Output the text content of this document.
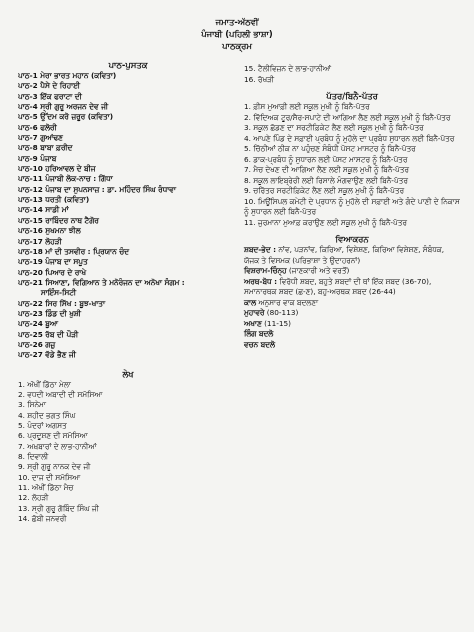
ਜਮਾਤ-ਅੱਠਵੀਂ
ਪੰਜਾਬੀ (ਪਹਿਲੀ ਭਾਸ਼ਾ)
ਪਾਠਕ੍ਰਮ
ਪਾਠ-ਪੁਸਤਕ
ਪਾਠ-1 ਮੇਰਾ ਭਾਰਤ ਮਹਾਨ (ਕਵਿਤਾ)
ਪਾਠ-2 ਪੈਸੇ ਦੇ ਰਿਹਾਈ
ਪਾਠ-3 ਇੱਕ ਫਰਾਟਾ ਦੀ
ਪਾਠ-4 ਸ੍ਰੀ ਗੁਰੂ ਅਰਜਨ ਦੇਵ ਜੀ
ਪਾਠ-5 ਉੱਦਮ ਕਰੋ ਜ਼ਰੂਰ (ਕਵਿਤਾ)
ਪਾਠ-6 ਫਲੋਰੀ
ਪਾਠ-7 ਗੁਆਂਢਣ
ਪਾਠ-8 ਬਾਬਾ ਫ਼ਰੀਦ
ਪਾਠ-9 ਪੰਜਾਬ
ਪਾਠ-10 ਹਰਿਆਵਲ ਦੇ ਬੀਜ
ਪਾਠ-11 ਪੰਜਾਬੀ ਲੋਕ-ਨਾਚ : ਗਿੱਧਾ
ਪਾਠ-12 ਪੰਜਾਬ ਦਾ ਸੁਪਨਸਾਜ਼ : ਡਾ. ਮਹਿੰਦਰ ਸਿੰਘ ਰੰਧਾਵਾ
ਪਾਠ-13 ਧਰਤੀ (ਕਵਿਤਾ)
ਪਾਠ-14 ਸਾਡੀ ਮਾਂ
ਪਾਠ-15 ਰਾਬਿੰਦਰ ਨਾਥ ਟੈਗੋਰ
ਪਾਠ-16 ਸੁਖਮਨਾ ਝੀਲ
ਪਾਠ-17 ਲੋਹੜੀ
ਪਾਠ-18 ਮਾਂ ਦੀ ਤਸਵੀਰ : ਪ੍ਰਿਯਾਨ ਚੰਦ
ਪਾਠ-19 ਪੰਜਾਬ ਦਾ ਸਪੂਤ
ਪਾਠ-20 ਪਿਆਰ ਦੇ ਰਾਖੇ
ਪਾਠ-21 ਸਿਆਣਾ, ਵਿਗਿਆਨ ਤੇ ਮਨੋਰੰਜਨ ਦਾ ਅਨੋਖਾ ਸੰਗਮ :
ਸਾਇੰਸ-ਸਿਟੀ
ਪਾਠ-22 ਸਿਰ ਸਿੱਖ : ਬੂਝ-ਖਾਤਾ
ਪਾਠ-23 ਡਿੰਡ ਦੀ ਖੁਸ਼ੀ
ਪਾਠ-24 ਬੂਆ
ਪਾਠ-25 ਰੱਬ ਦੀ ਪੌੜੀ
ਪਾਠ-26 ਗਜ਼ੁ
ਪਾਠ-27 ਵੱਡੇ ਭੈਣ ਜੀ
ਲੇਖ
1. ਅੱਖੀਂ ਡਿੱਠਾ ਮੇਲਾ
2. ਵਧਦੀ ਅਬਾਦੀ ਦੀ ਸਮੱਸਿਆ
3. ਸਿਨੇਮਾ
4. ਸ਼ਹੀਦ ਭਗਤ ਸਿੰਘ
5. ਪੰਦਰਾਂ ਅਗਸਤ
6. ਪ੍ਰਦੂਸ਼ਣ ਦੀ ਸਮੱਸਿਆ
7. ਅਖ਼ਬਾਰਾਂ ਦੇ ਲਾਭ-ਹਾਨੀਆਂ
8. ਦਿਵਾਲੀ
9. ਸ੍ਰੀ ਗੁਰੂ ਨਾਨਕ ਦੇਵ ਜੀ
10. ਦਾਜ ਦੀ ਸਮੱਸਿਆ
11. ਅੱਖੀਂ ਡਿੱਠਾ ਮੈਚ
12. ਲੋਹੜੀ
13. ਸ੍ਰੀ ਗੁਰੂ ਗੋਬਿੰਦ ਸਿੰਘ ਜੀ
14. ਛੱਬੀ ਜਨਵਰੀ
15. ਟੈਲੀਵਿਜ਼ਨ ਦੇ ਲਾਭ-ਹਾਨੀਆਂ
16. ਰੱਖੜੀ
ਪੱਤਰ/ਬਿਨੈ-ਪੱਤਰ
1. ਫ਼ੀਸ ਮੁਆਫ਼ੀ ਲਈ ਸਕੂਲ ਮੁਖੀ ਨੂੰ ਬਿਨੈ-ਪੱਤਰ
2. ਵਿੱਦਿਅਕ ਟੂਰ/ਸੈਰ-ਸਪਾਟੇ ਦੀ ਆਗਿਆ ਲੈਣ ਲਈ ਸਕੂਲ ਮੁਖੀ ਨੂੰ ਬਿਨੈ-ਪੱਤਰ
3. ਸਕੂਲ ਛੱਡਣ ਦਾ ਸਰਟੀਫ਼ਿਕੇਟ ਲੈਣ ਲਈ ਸਕੂਲ ਮੁਖੀ ਨੂੰ ਬਿਨੈ-ਪੱਤਰ
4. ਆਪਣੇ ਪਿੰਡ ਦੇ ਸਫ਼ਾਈ ਪ੍ਰਬੰਧ ਨੂੰ ਮੁਹੱਲੇ ਦਾ ਪ੍ਰਬੰਧ ਸੁਧਾਰਨ ਲਈ ਬਿਨੈ-ਪੱਤਰ
5. ਚਿੱਠੀਆਂ ਠੀਕ ਨਾ ਪਹੁੰਚਣ ਸੰਬੰਧੀ ਪੋਸਟ ਮਾਸਟਰ ਨੂੰ ਬਿਨੈ-ਪੱਤਰ
6. ਡਾਕ-ਪ੍ਰਬੰਧ ਨੂੰ ਸੁਧਾਰਨ ਲਈ ਪੋਸਟ ਮਾਸਟਰ ਨੂੰ ਬਿਨੈ-ਪੱਤਰ
7. ਮੈਚ ਦੇਖਣ ਦੀ ਆਗਿਆ ਲੈਣ ਲਈ ਸਕੂਲ ਮੁਖੀ ਨੂੰ ਬਿਨੈ-ਪੱਤਰ
8. ਸਕੂਲ ਲਾਇਬ੍ਰੇਰੀ ਲਈ ਰਿਸਾਲੇ ਮੰਗਵਾਉਣ ਲਈ ਬਿਨੈ-ਪੱਤਰ
9. ਚਰਿੱਤਰ ਸਰਟੀਫ਼ਿਕੇਟ ਲੈਣ ਲਈ ਸਕੂਲ ਮੁਖੀ ਨੂੰ ਬਿਨੈ-ਪੱਤਰ
10. ਮਿਊਂਸਿਪਲ ਕਮੇਟੀ ਦੇ ਪ੍ਰਧਾਨ ਨੂੰ ਮੁਹੱਲੇ ਦੀ ਸਫ਼ਾਈ ਅਤੇ ਗੰਦੇ ਪਾਣੀ ਦੇ ਨਿਕਾਸ ਨੂੰ ਸੁਧਾਰਨ ਲਈ ਬਿਨੈ-ਪੱਤਰ
11. ਜੁਰਮਾਨਾ ਮੁਆਫ਼ ਕਰਾਉਣ ਲਈ ਸਕੂਲ ਮੁਖੀ ਨੂੰ ਬਿਨੈ-ਪੱਤਰ
ਵਿਆਕਰਨ
ਸ਼ਬਦ-ਭੇਦ : ਨਾਂਵ, ਪੜਨਾਂਵ, ਕਿਰਿਆ, ਵਿਸ਼ੇਸ਼ਣ, ਕਿਰਿਆ ਵਿਸ਼ੇਸ਼ਣ, ਸੰਬੰਧਕ, ਯੋਜਕ ਤੇ ਵਿਸਮਕ (ਪਰਿਭਾਸ਼ਾ ਤੇ ਉਦਾਹਰਨਾਂ)
ਵਿਸ਼ਰਾਮ-ਚਿੰਨ੍ਹ (ਜਾਣਕਾਰੀ ਅਤੇ ਵਰਤੋਂ)
ਅਰਥ-ਬੋਧ : ਵਿਰੋਧੀ ਸ਼ਬਦ, ਬਹੁਤੇ ਸ਼ਬਦਾਂ ਦੀ ਥਾਂ ਇੱਕ ਸ਼ਬਦ (36-70), ਸਮਾਨਾਰਥਕ ਸ਼ਬਦ (ਛ-ਣ), ਬਹੁ-ਅਰਥਕ ਸ਼ਬਦ (26-44)
ਕਾਲ ਅਨੁਸਾਰ ਵਾਕ ਬਦਲਣਾ
ਮੁਹਾਵਰੇ (80-113)
ਅਖਾਣ (11-15)
ਲਿੰਗ ਬਦਲੋ
ਵਚਨ ਬਦਲੋ
